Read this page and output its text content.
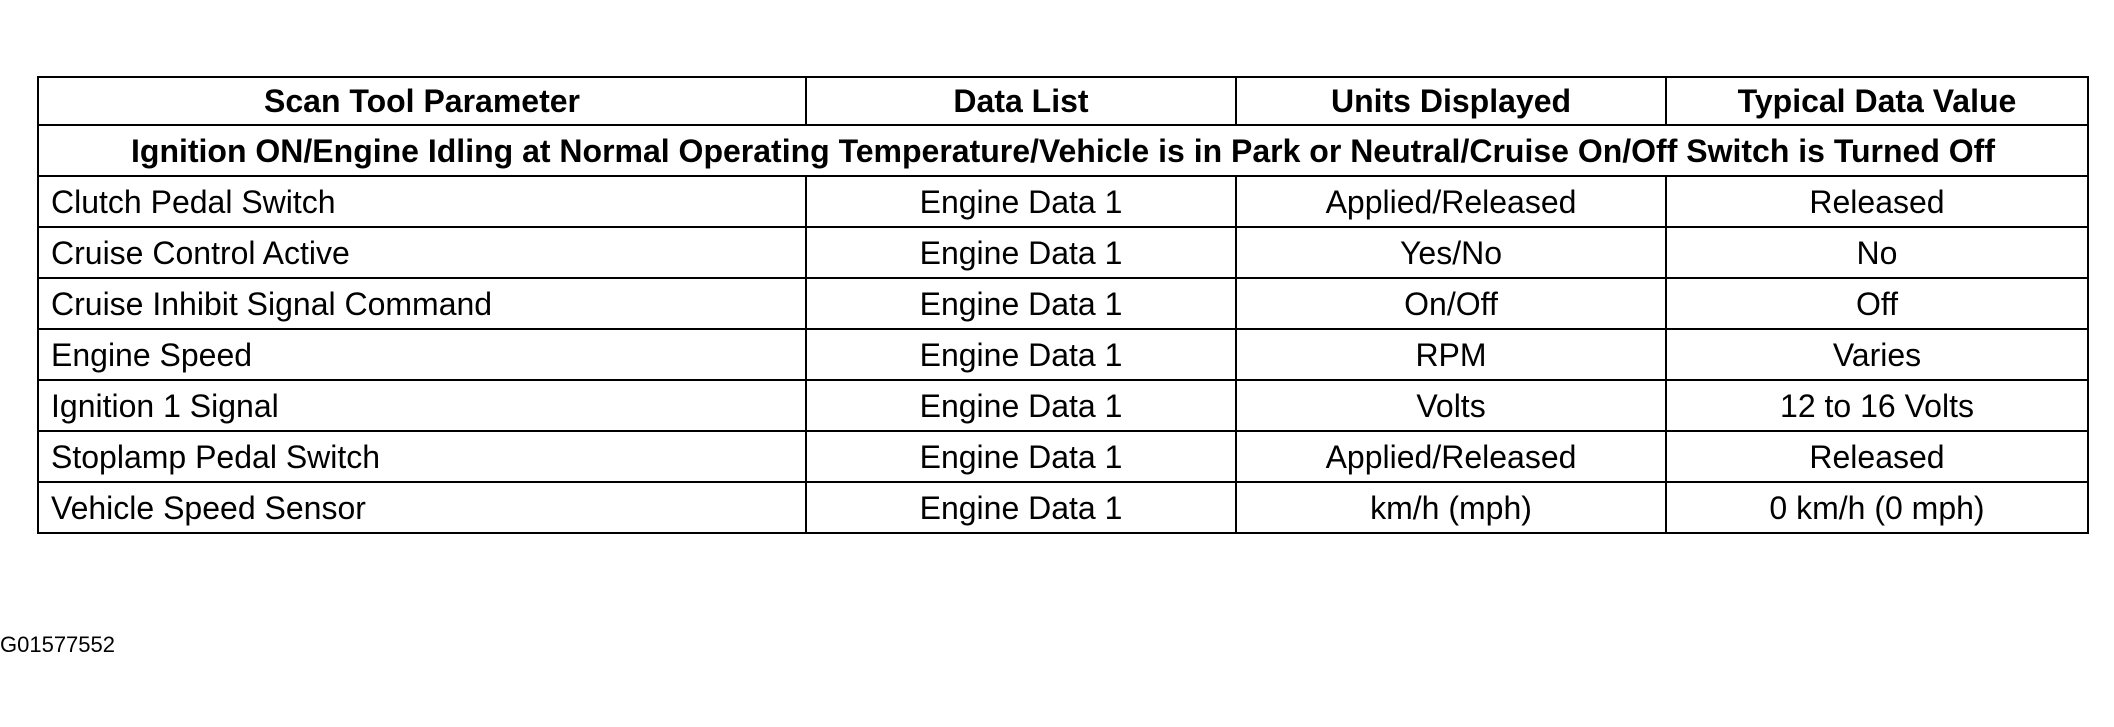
Scan Tool Parameter	Data List	Units Displayed	Typical Data Value
Ignition ON/Engine Idling at Normal Operating Temperature/Vehicle is in Park or Neutral/Cruise On/Off Switch is Turned Off			
Clutch Pedal Switch	Engine Data 1	Applied/Released	Released
Cruise Control Active	Engine Data 1	Yes/No	No
Cruise Inhibit Signal Command	Engine Data 1	On/Off	Off
Engine Speed	Engine Data 1	RPM	Varies
Ignition 1 Signal	Engine Data 1	Volts	12 to 16 Volts
Stoplamp Pedal Switch	Engine Data 1	Applied/Released	Released
Vehicle Speed Sensor	Engine Data 1	km/h (mph)	0 km/h (0 mph)
G01577552
